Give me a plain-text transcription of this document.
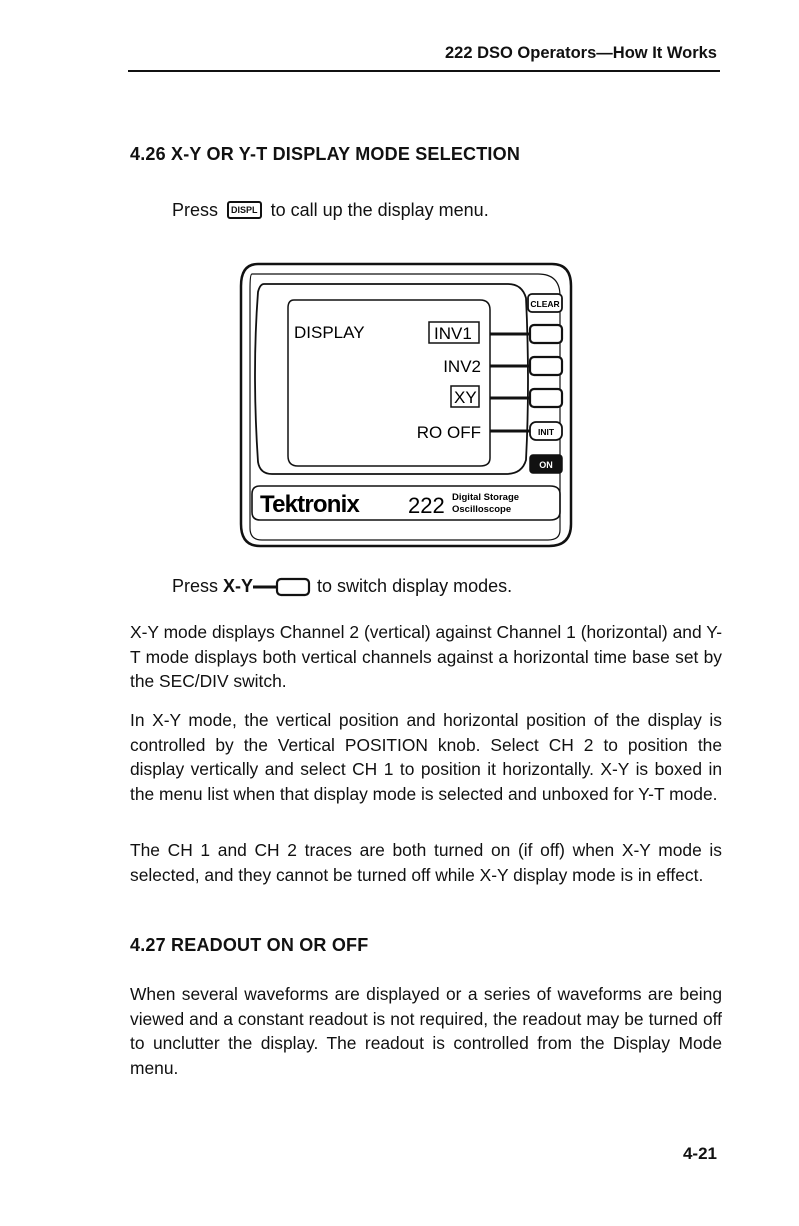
222 DSO Operators—How It Works
4.26 X-Y OR Y-T DISPLAY MODE SELECTION
Press DISPL to call up the display menu.
DISPLAY	INV1
INV2
XY
RO OFF
CLEAR
INIT
ON
Tektronix 222 Digital Storage
Oscilloscope
Press X-Y	to switch display modes.
X-Y mode displays Channel 2 (vertical) against Channel 1 (horizontal) and Y-T mode displays both vertical channels against a horizontal time base set by the SEC/DIV switch.
In X-Y mode, the vertical position and horizontal position of the display is controlled by the Vertical POSITION knob. Select CH 2 to position the display vertically and select CH 1 to position it horizontally. X-Y is boxed in the menu list when that display mode is selected and unboxed for Y-T mode.
The CH 1 and CH 2 traces are both turned on (if off) when X-Y mode is selected, and they cannot be turned off while X-Y display mode is in effect.
4.27 READOUT ON OR OFF
When several waveforms are displayed or a series of waveforms are being viewed and a constant readout is not required, the readout may be turned off to unclutter the display. The readout is controlled from the Display Mode menu.
4-21
